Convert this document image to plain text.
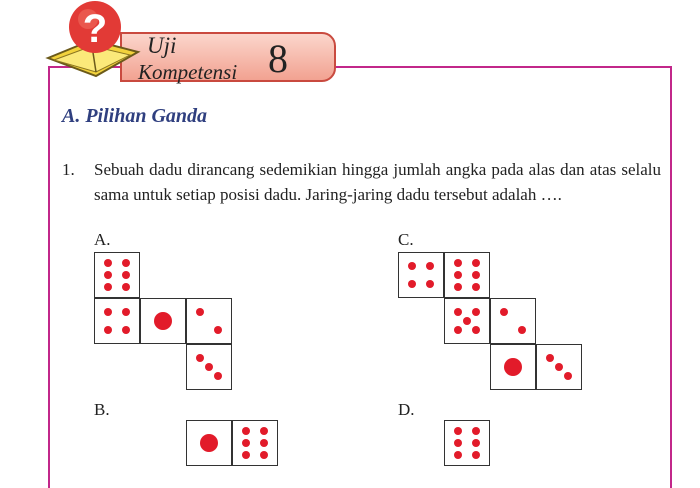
? Uji
Kompetensi 8
A. Pilihan Ganda
1. Sebuah dadu dirancang sedemikian hingga jumlah angka pada alas dan atas selalu sama untuk setiap posisi dadu. Jaring-jaring dadu tersebut adalah ….
A.	C.
B.	D.
